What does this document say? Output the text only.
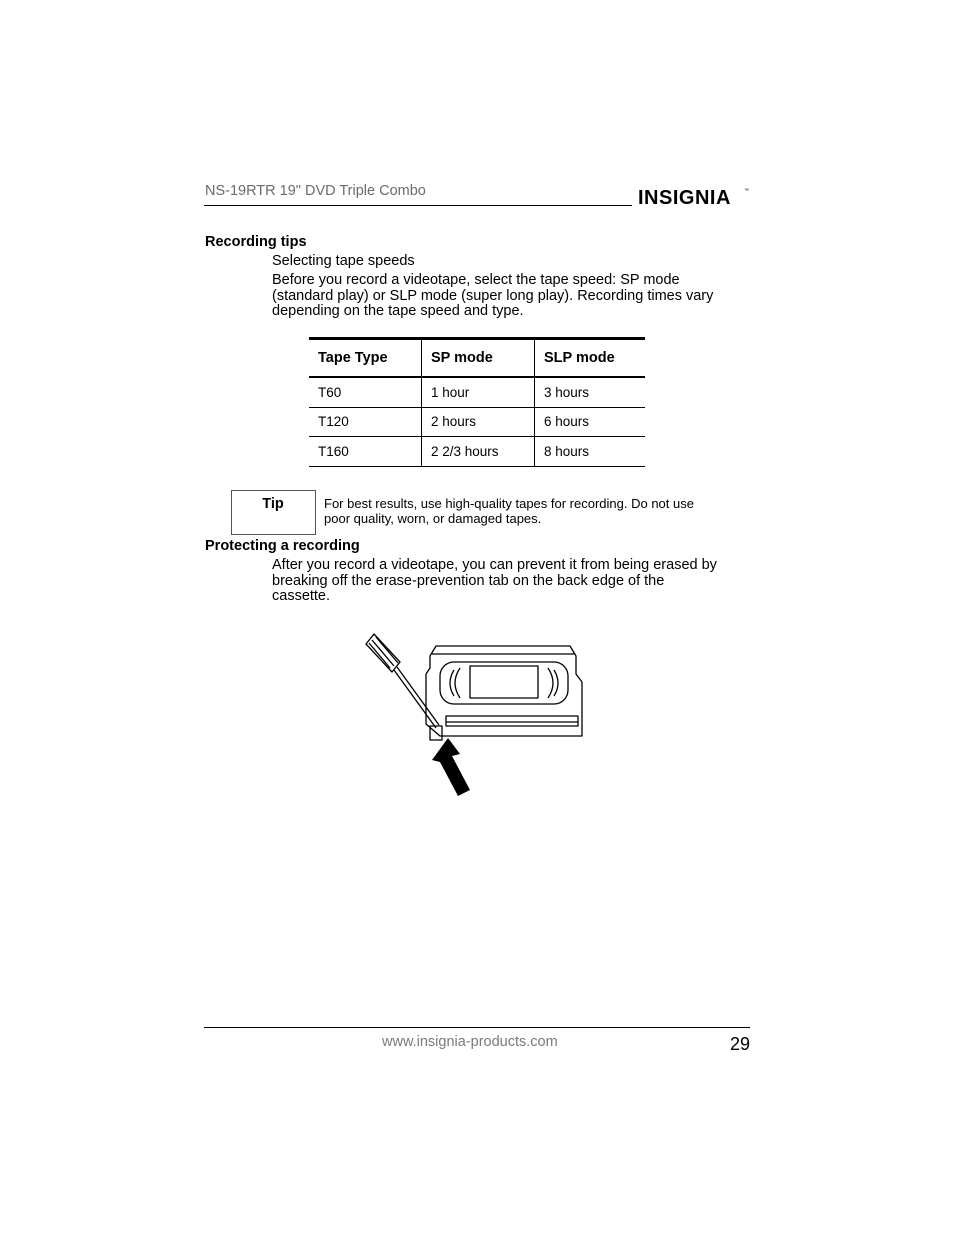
NS-19RTR 19" DVD Triple Combo	INSIGNIA	™
Recording tips
Selecting tape speeds
Before you record a videotape, select the tape speed: SP mode
(standard play) or SLP mode (super long play). Recording times vary
depending on the tape speed and type.
Tape Type	SP mode	SLP mode
T60	1 hour	3 hours
T120	2 hours	6 hours
T160	2 2/3 hours	8 hours
Tip	For best results, use high-quality tapes for recording. Do not use
poor quality, worn, or damaged tapes.
Protecting a recording
After you record a videotape, you can prevent it from being erased by
breaking off the erase-prevention tab on the back edge of the
cassette.
www.insignia-products.com	29
